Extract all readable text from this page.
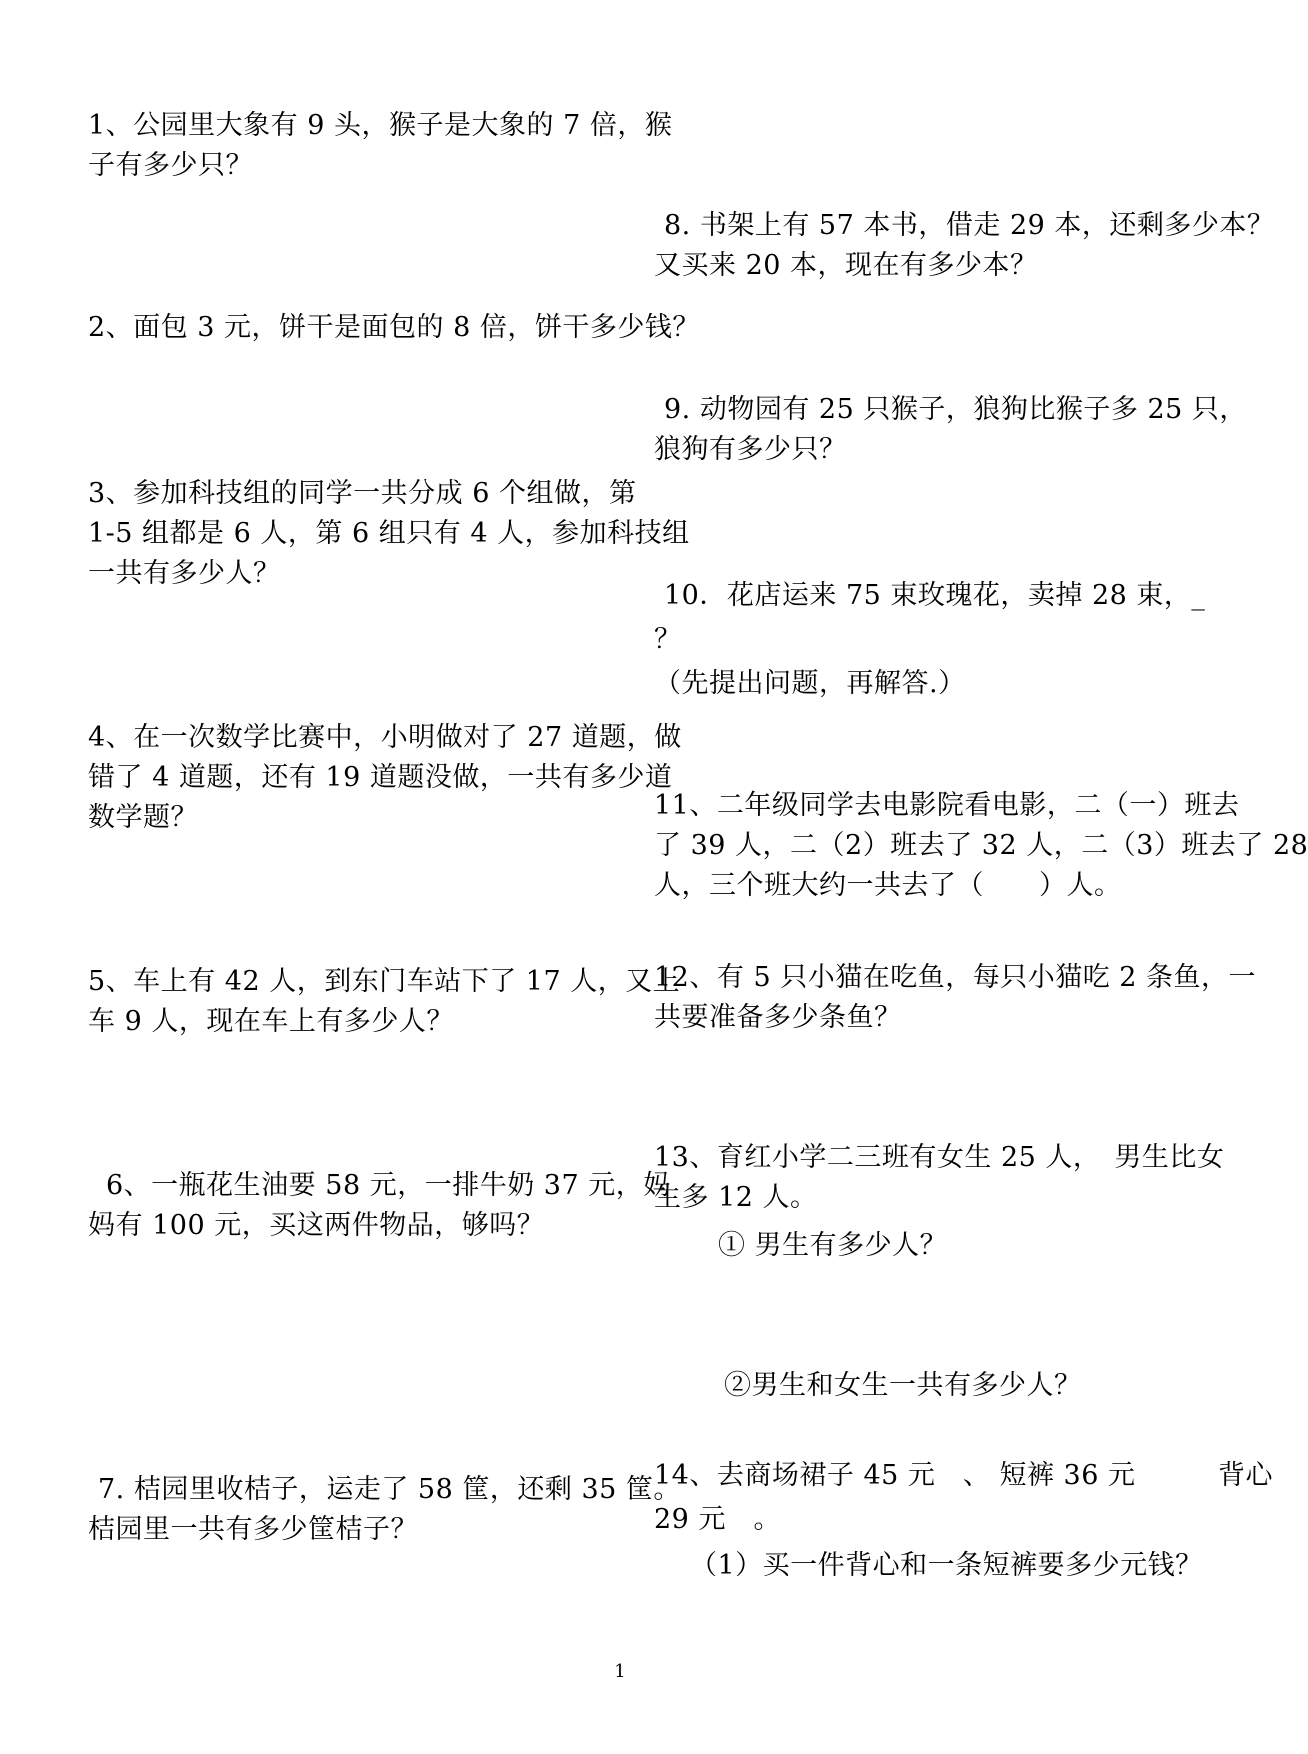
1、公园里大象有 9 头，猴子是大象的 7 倍，猴
子有多少只？
2、面包 3 元，饼干是面包的 8 倍，饼干多少钱？
3、参加科技组的同学一共分成 6 个组做，第
1-5 组都是 6 人，第 6 组只有 4 人，参加科技组
一共有多少人？
4、在一次数学比赛中，小明做对了 27 道题，做
错了 4 道题，还有 19 道题没做，一共有多少道
数学题？
5、车上有 42 人，到东门车站下了 17 人，又上
车 9 人，现在车上有多少人？
6、一瓶花生油要 58 元，一排牛奶 37 元，妈
妈有 100 元，买这两件物品，够吗？
7. 桔园里收桔子，运走了 58 筐，还剩 35 筐。
桔园里一共有多少筐桔子？
8. 书架上有 57 本书，借走 29 本，还剩多少本？
又买来 20 本，现在有多少本？
9. 动物园有 25 只猴子，狼狗比猴子多 25 只，
狼狗有多少只？
10．花店运来 75 束玫瑰花，卖掉 28 束，_
？
（先提出问题，再解答.）
11、二年级同学去电影院看电影，二（一）班去
了 39 人，二（2）班去了 32 人，二（3）班去了 28
人，三个班大约一共去了（　　）人。
12、有 5 只小猫在吃鱼，每只小猫吃 2 条鱼，一
共要准备多少条鱼？
13、育红小学二三班有女生 25 人，　男生比女
生多 12 人。
① 男生有多少人？
②男生和女生一共有多少人？
14、去商场裙子 45 元　、 短裤 36 元　　　背心
29 元　。
（1）买一件背心和一条短裤要多少元钱？
1
